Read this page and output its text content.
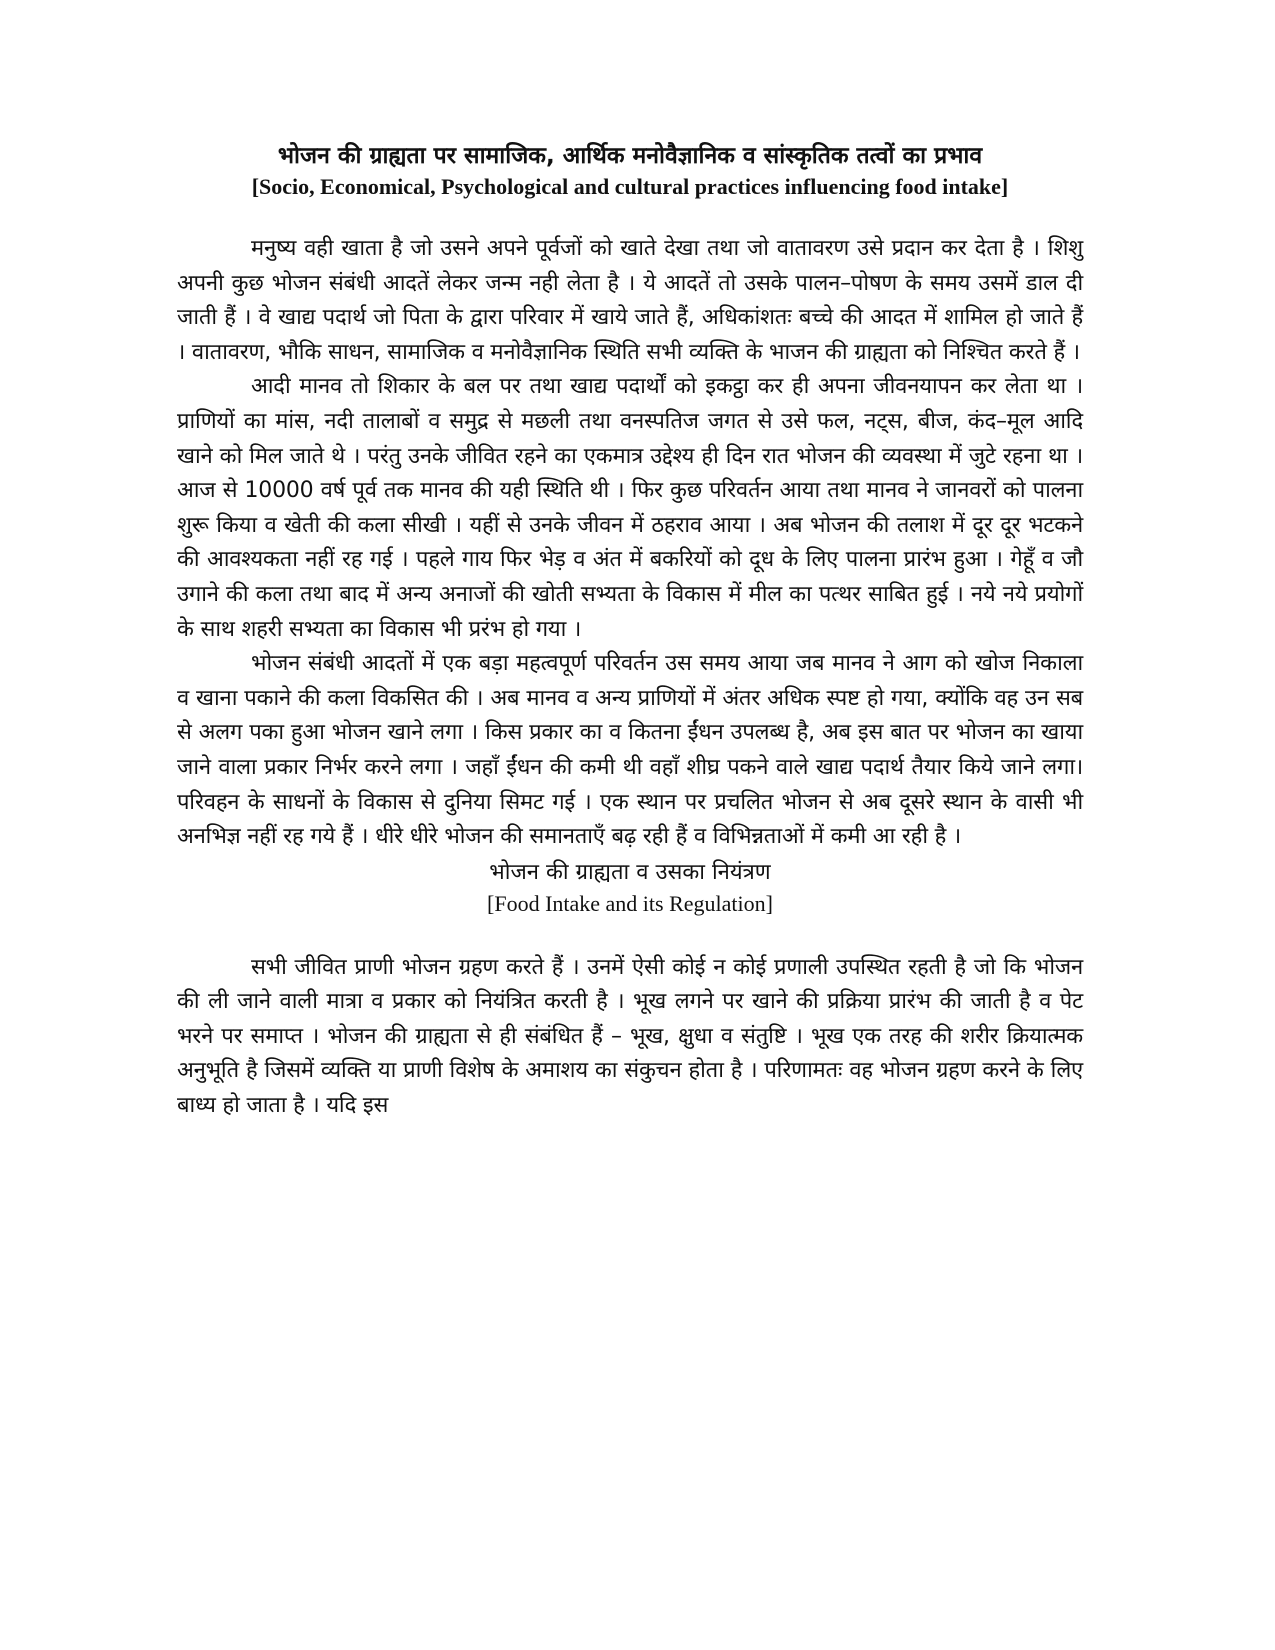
भोजन की ग्राह्यता पर सामाजिक, आर्थिक मनोवैज्ञानिक व सांस्कृतिक तत्वों का प्रभाव
[Socio, Economical, Psychological and cultural practices influencing food intake]

मनुष्य वही खाता है जो उसने अपने पूर्वजों को खाते देखा तथा जो वातावरण उसे प्रदान कर देता है । शिशु अपनी कुछ भोजन संबंधी आदतें लेकर जन्म नही लेता है । ये आदतें तो उसके पालन–पोषण के समय उसमें डाल दी जाती हैं । वे खाद्य पदार्थ जो पिता के द्वारा परिवार में खाये जाते हैं, अधिकांशतः बच्चे की आदत में शामिल हो जाते हैं । वातावरण, भौकि साधन, सामाजिक व मनोवैज्ञानिक स्थिति सभी व्यक्ति के भाजन की ग्राह्यता को निश्चित करते हैं ।

आदी मानव तो शिकार के बल पर तथा खाद्य पदार्थों को इकट्ठा कर ही अपना जीवनयापन कर लेता था । प्राणियों का मांस, नदी तालाबों व समुद्र से मछली तथा वनस्पतिज जगत से उसे फल, नट्स, बीज, कंद–मूल आदि खाने को मिल जाते थे । परंतु उनके जीवित रहने का एकमात्र उद्देश्य ही दिन रात भोजन की व्यवस्था में जुटे रहना था । आज से 10000 वर्ष पूर्व तक मानव की यही स्थिति थी । फिर कुछ परिवर्तन आया तथा मानव ने जानवरों को पालना शुरू किया व खेती की कला सीखी । यहीं से उनके जीवन में ठहराव आया । अब भोजन की तलाश में दूर दूर भटकने की आवश्यकता नहीं रह गई । पहले गाय फिर भेड़ व अंत में बकरियों को दूध के लिए पालना प्रारंभ हुआ । गेहूँ व जौ उगाने की कला तथा बाद में अन्य अनाजों की खोती सभ्यता के विकास में मील का पत्थर साबित हुई । नये नये प्रयोगों के साथ शहरी सभ्यता का विकास भी प्ररंभ हो गया ।

भोजन संबंधी आदतों में एक बड़ा महत्वपूर्ण परिवर्तन उस समय आया जब मानव ने आग को खोज निकाला व खाना पकाने की कला विकसित की । अब मानव व अन्य प्राणियों में अंतर अधिक स्पष्ट हो गया, क्योंकि वह उन सब से अलग पका हुआ भोजन खाने लगा । किस प्रकार का व कितना ईंधन उपलब्ध है, अब इस बात पर भोजन का खाया जाने वाला प्रकार निर्भर करने लगा । जहाँ ईंधन की कमी थी वहाँ शीघ्र पकने वाले खाद्य पदार्थ तैयार किये जाने लगा। परिवहन के साधनों के विकास से दुनिया सिमट गई । एक स्थान पर प्रचलित भोजन से अब दूसरे स्थान के वासी भी अनभिज्ञ नहीं रह गये हैं । धीरे धीरे भोजन की समानताएँ बढ़ रही हैं व विभिन्नताओं में कमी आ रही है ।

भोजन की ग्राह्यता व उसका नियंत्रण
[Food Intake and its Regulation]

सभी जीवित प्राणी भोजन ग्रहण करते हैं । उनमें ऐसी कोई न कोई प्रणाली उपस्थित रहती है जो कि भोजन की ली जाने वाली मात्रा व प्रकार को नियंत्रित करती है । भूख लगने पर खाने की प्रक्रिया प्रारंभ की जाती है व पेट भरने पर समाप्त । भोजन की ग्राह्यता से ही संबंधित हैं – भूख, क्षुधा व संतुष्टि । भूख एक तरह की शरीर क्रियात्मक अनुभूति है जिसमें व्यक्ति या प्राणी विशेष के अमाशय का संकुचन होता है । परिणामतः वह भोजन ग्रहण करने के लिए बाध्य हो जाता है । यदि इस
